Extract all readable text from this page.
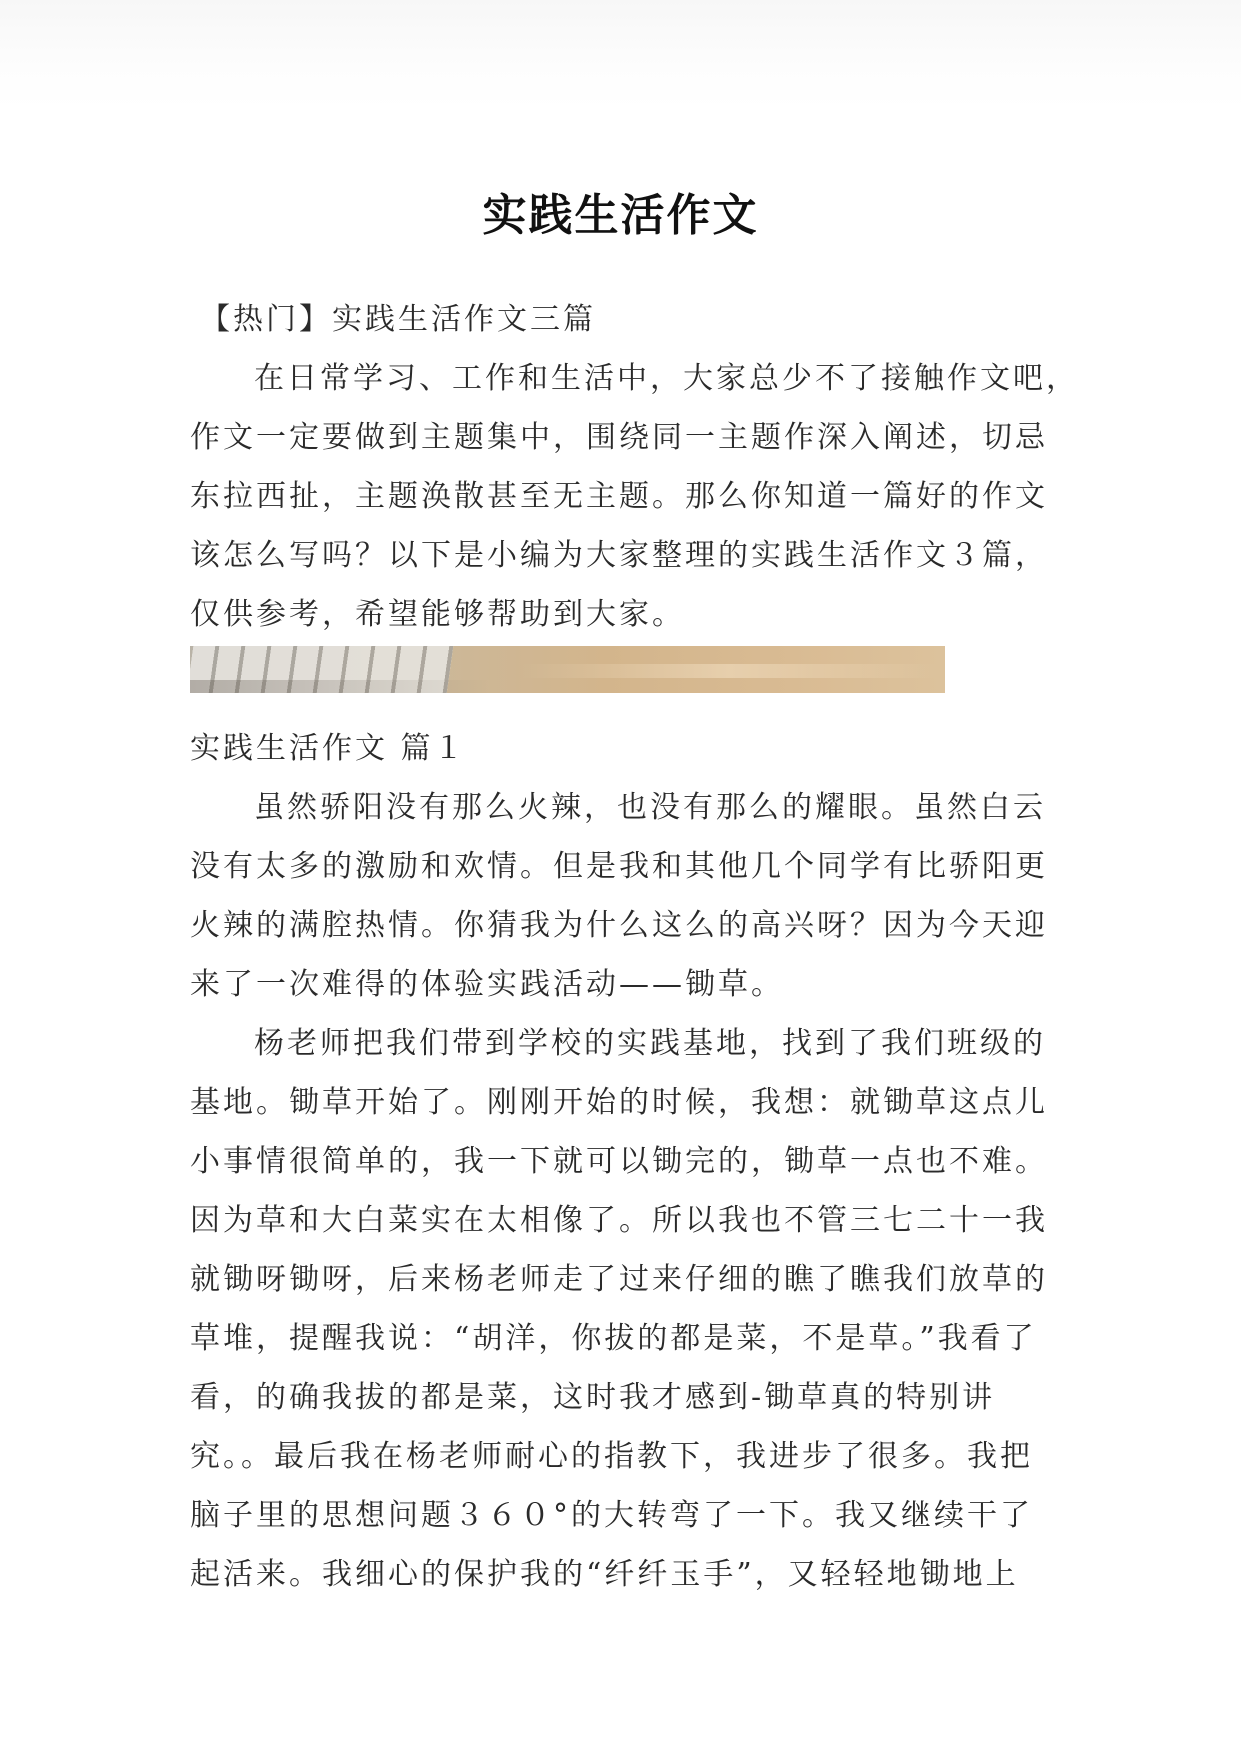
实践生活作文

【热门】实践生活作文三篇

在日常学习、工作和生活中，大家总少不了接触作文吧，

作文一定要做到主题集中，围绕同一主题作深入阐述，切忌

东拉西扯，主题涣散甚至无主题。那么你知道一篇好的作文

该怎么写吗？以下是小编为大家整理的实践生活作文３篇，

仅供参考，希望能够帮助到大家。

实践生活作文 篇１

虽然骄阳没有那么火辣，也没有那么的耀眼。虽然白云

没有太多的激励和欢情。但是我和其他几个同学有比骄阳更

火辣的满腔热情。你猜我为什么这么的高兴呀？因为今天迎

来了一次难得的体验实践活动——锄草。

杨老师把我们带到学校的实践基地，找到了我们班级的

基地。锄草开始了。刚刚开始的时候，我想：就锄草这点儿

小事情很简单的，我一下就可以锄完的，锄草一点也不难。

因为草和大白菜实在太相像了。所以我也不管三七二十一我

就锄呀锄呀，后来杨老师走了过来仔细的瞧了瞧我们放草的

草堆，提醒我说：“胡洋，你拔的都是菜，不是草。”我看了

看，的确我拔的都是菜，这时我才感到-锄草真的特别讲

究。。最后我在杨老师耐心的指教下，我进步了很多。我把

脑子里的思想问题３６０°的大转弯了一下。我又继续干了

起活来。我细心的保护我的“纤纤玉手”，又轻轻地锄地上
